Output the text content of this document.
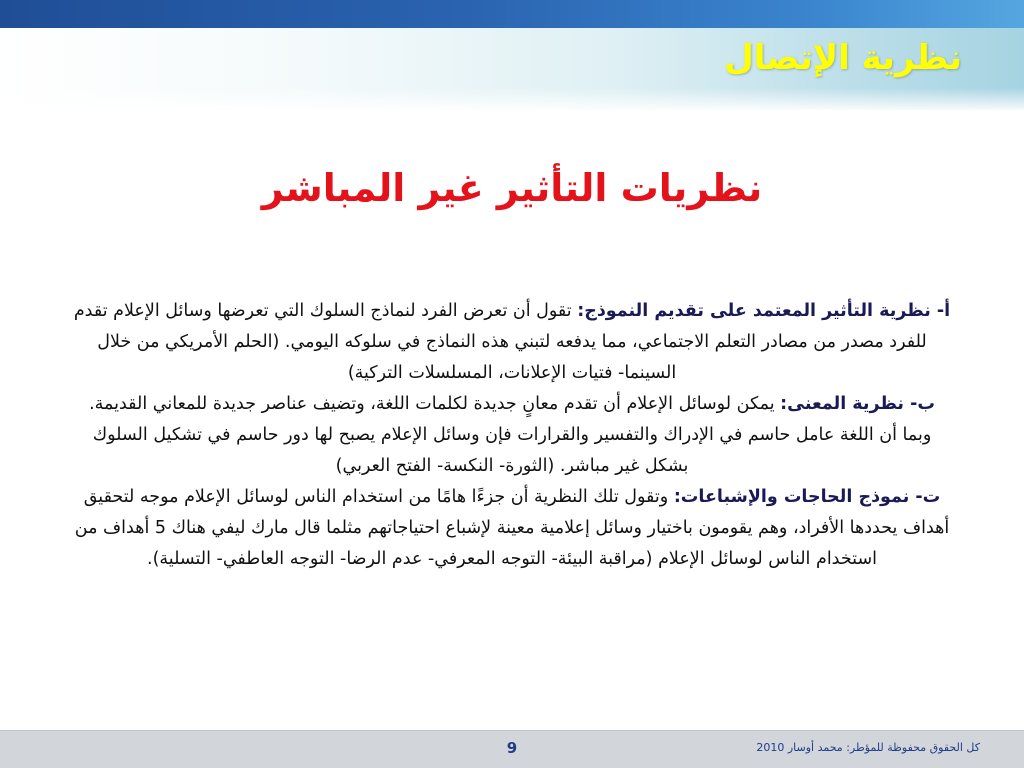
نظرية الإتصال
نظريات التأثير غير المباشر
أ- نظرية التأثير المعتمد على تقديم النموذج: تقول أن تعرض الفرد لنماذج السلوك التي تعرضها وسائل الإعلام تقدم للفرد مصدر من مصادر التعلم الاجتماعي، مما يدفعه لتبني هذه النماذج في سلوكه اليومي. (الحلم الأمريكي من خلال السينما- فتيات الإعلانات، المسلسلات التركية)
ب- نظرية المعنى: يمكن لوسائل الإعلام أن تقدم معانٍ جديدة لكلمات اللغة، وتضيف عناصر جديدة للمعاني القديمة. وبما أن اللغة عامل حاسم في الإدراك والتفسير والقرارات فإن وسائل الإعلام يصبح لها دور حاسم في تشكيل السلوك بشكل غير مباشر. (الثورة- النكسة- الفتح العربي)
ت- نموذج الحاجات والإشباعات: وتقول تلك النظرية أن جزءًا هامًا من استخدام الناس لوسائل الإعلام موجه لتحقيق أهداف يحددها الأفراد، وهم يقومون باختيار وسائل إعلامية معينة لإشباع احتياجاتهم مثلما قال مارك ليفي هناك 5 أهداف من استخدام الناس لوسائل الإعلام (مراقبة البيئة- التوجه المعرفي- عدم الرضا- التوجه العاطفي- التسلية).
9	كل الحقوق محفوظة للمؤطر: محمد أوسار 2010
